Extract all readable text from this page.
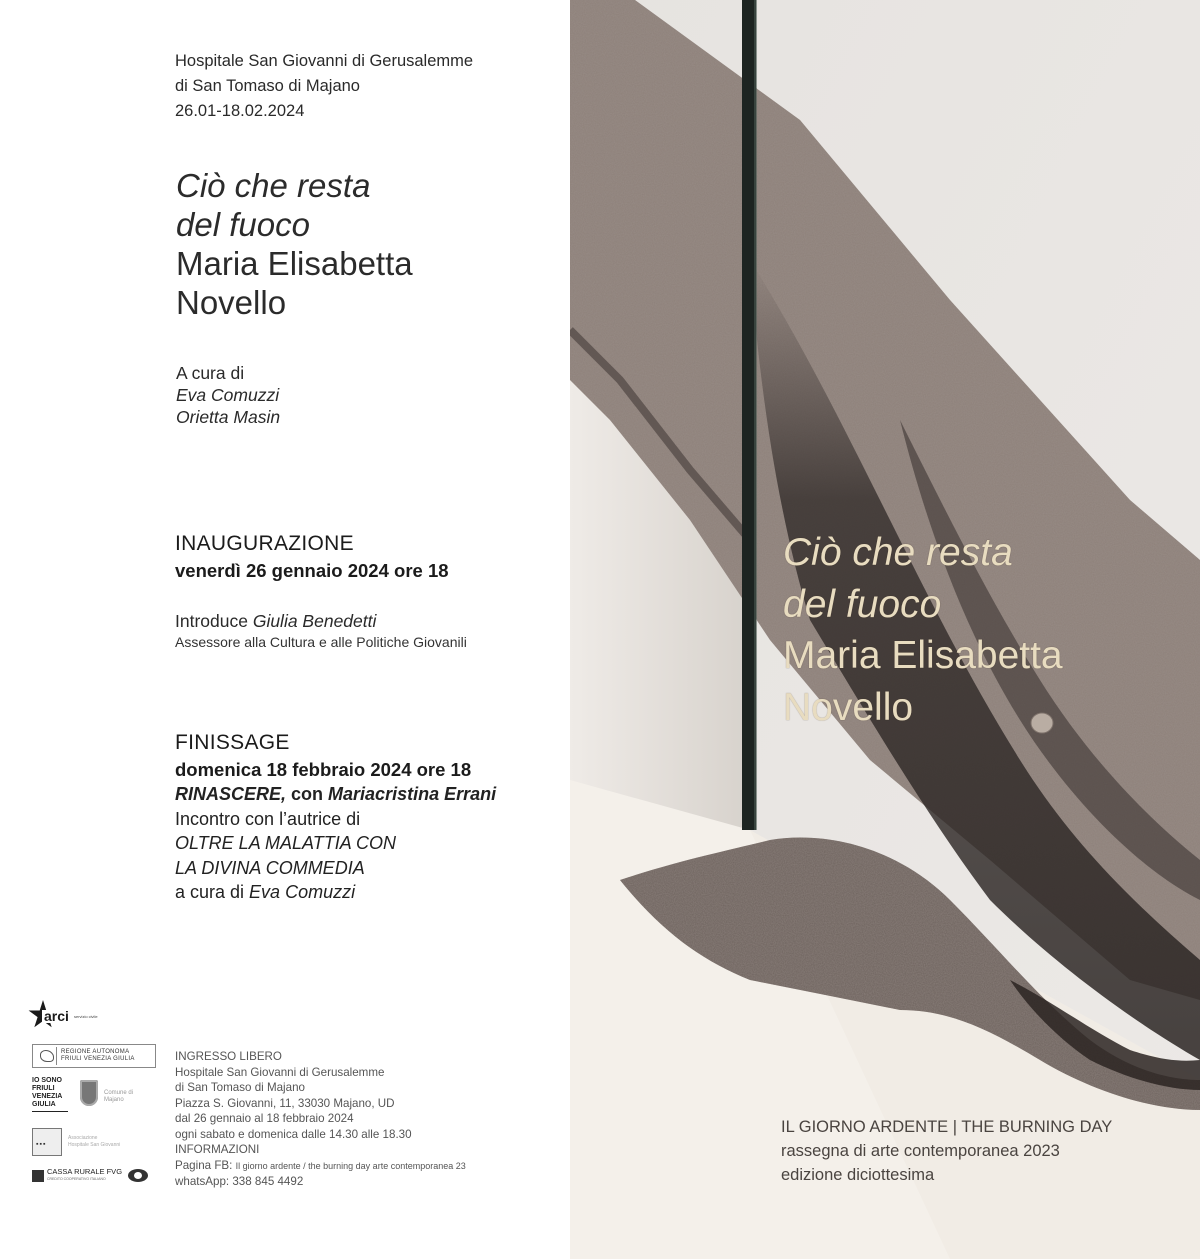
Hospitale San Giovanni di Gerusalemme
di San Tomaso di Majano
26.01-18.02.2024
Ciò che resta
del fuoco
Maria Elisabetta
Novello
A cura di
Eva Comuzzi
Orietta Masin
INAUGURAZIONE
venerdì 26 gennaio 2024 ore 18
Introduce Giulia Benedetti
Assessore alla Cultura e alle Politiche Giovanili
FINISSAGE
domenica 18 febbraio 2024 ore 18
RINASCERE, con Mariacristina Errani
Incontro con l’autrice di
OLTRE LA MALATTIA CON
LA DIVINA COMMEDIA
a cura di Eva Comuzzi
arci	servizio civile
REGIONE AUTONOMA
FRIULI VENEZIA GIULIA
IO SONO
FRIULI
VENEZIA
GIULIA
Comune di
Majano
▪▪▪
Associazione
Hospitale San Giovanni
CASSA RURALE FVG
CREDITO COOPERATIVO ITALIANO
INGRESSO LIBERO
Hospitale San Giovanni di Gerusalemme
di San Tomaso di Majano
Piazza S. Giovanni, 11, 33030 Majano, UD
dal 26 gennaio al 18 febbraio 2024
ogni sabato e domenica dalle 14.30 alle 18.30
INFORMAZIONI
Pagina FB: Il giorno ardente / the burning day arte contemporanea 23
whatsApp: 338 845 4492
Ciò che resta
del fuoco
Maria Elisabetta
Novello
IL GIORNO ARDENTE | THE BURNING DAY
rassegna di arte contemporanea 2023
edizione diciottesima
